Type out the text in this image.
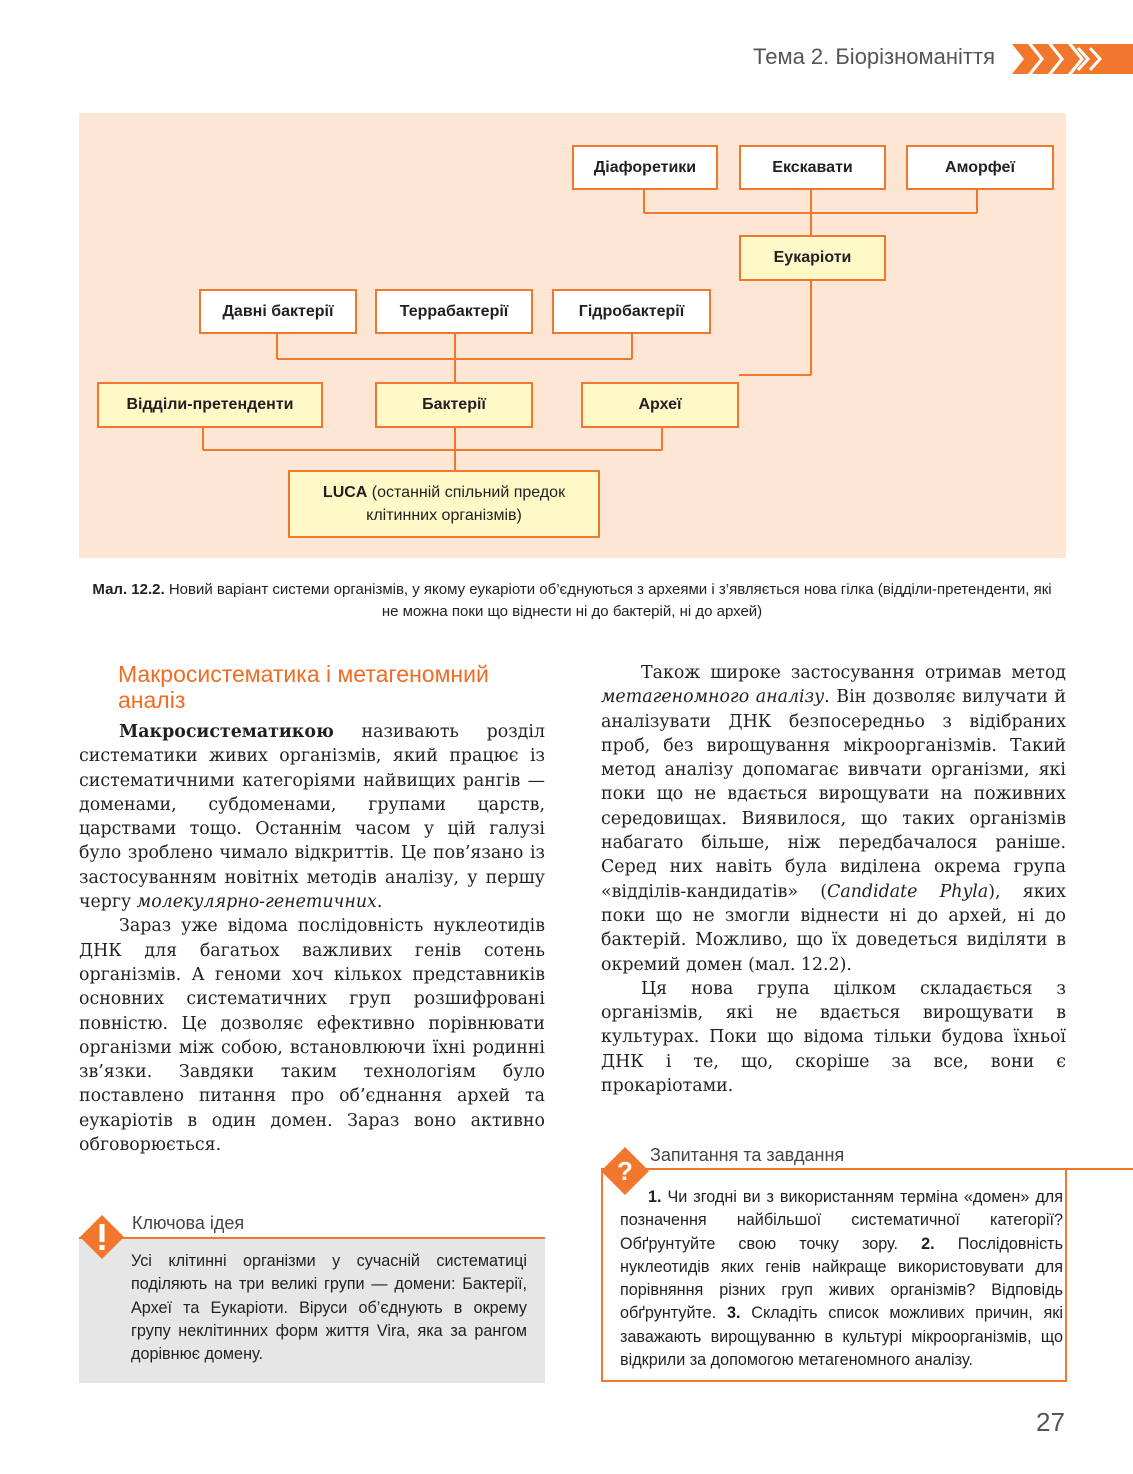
Тема 2. Біорізноманіття
Діафоретики	Екскавати	Аморфеї
Еукаріоти
Давні бактерії	Террабактерії	Гідробактерії
Відділи-претенденти	Бактерії	Археї
LUCA (останній спільний предок клітинних організмів)
Мал. 12.2. Новий варіант системи організмів, у якому еукаріоти об’єднуються з археями і з’являється нова гілка (відділи-претенденти, які не можна поки що віднести ні до бактерій, ні до архей)
Макросистематика і метагеномний аналіз

Макросистематикою називають розділ систематики живих організмів, який працює із систематичними категоріями найвищих рангів — доменами, субдоменами, групами царств, царствами тощо. Останнім часом у цій галузі було зроблено чимало відкриттів. Це пов’язано із застосуванням новітніх методів аналізу, у першу чергу молекулярно-генетичних.

Зараз уже відома послідовність нуклеотидів ДНК для багатьох важливих генів сотень організмів. А геноми хоч кількох представників основних систематичних груп розшифровані повністю. Це дозволяє ефективно порівнювати організми між собою, встановлюючи їхні родинні зв’язки. Завдяки таким технологіям було поставлено питання про об’єднання архей та еукаріотів в один домен. Зараз воно активно обговорюється.

Також широке застосування отримав метод метагеномного аналізу. Він дозволяє вилучати й аналізувати ДНК безпосередньо з відібраних проб, без вирощування мікроорганізмів. Такий метод аналізу допомагає вивчати організми, які поки що не вдається вирощувати на поживних середовищах. Виявилося, що таких організмів набагато більше, ніж передбачалося раніше. Серед них навіть була виділена окрема група «відділів-кандидатів» (Candidate Phyla), яких поки що не змогли віднести ні до архей, ні до бактерій. Можливо, що їх доведеться виділяти в окремий домен (мал. 12.2).

Ця нова група цілком складається з організмів, які не вдається вирощувати в культурах. Поки що відома тільки будова їхньої ДНК і те, що, скоріше за все, вони є прокаріотами.

Ключова ідея
Усі клітинні організми у сучасній систематиці поділяють на три великі групи — домени: Бактерії, Археї та Еукаріоти. Віруси об’єднують в окрему групу неклітинних форм життя Vira, яка за рангом дорівнює домену.
?
Запитання та завдання
1. Чи згодні ви з використанням терміна «домен» для позначення найбільшої систематичної категорії? Обґрунтуйте свою точку зору. 2. Послідовність нуклеотидів яких генів найкраще використовувати для порівняння різних груп живих організмів? Відповідь обґрунтуйте. 3. Складіть список можливих причин, які заважають вирощуванню в культурі мікроорганізмів, що відкрили за допомогою метагеномного аналізу.
27
